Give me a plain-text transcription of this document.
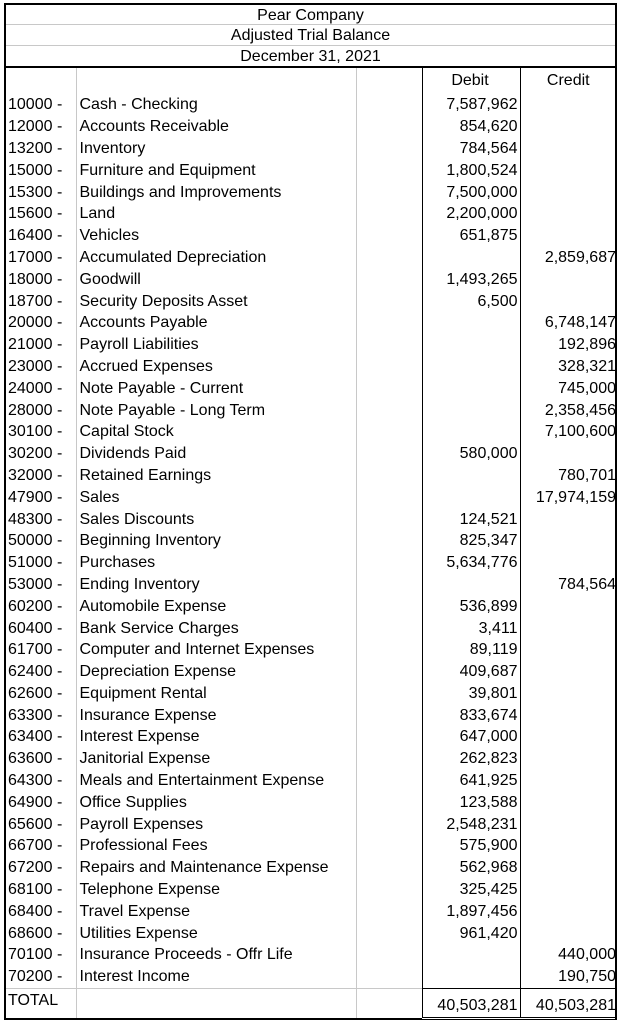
Pear Company
Adjusted Trial Balance
December 31, 2021
			Debit	Credit
10000 -	Cash - Checking		7,587,962	
12000 -	Accounts Receivable		854,620	
13200 -	Inventory		784,564	
15000 -	Furniture and Equipment		1,800,524	
15300 -	Buildings and Improvements		7,500,000	
15600 -	Land		2,200,000	
16400 -	Vehicles		651,875	
17000 -	Accumulated Depreciation			2,859,687
18000 -	Goodwill		1,493,265	
18700 -	Security Deposits Asset		6,500	
20000 -	Accounts Payable			6,748,147
21000 -	Payroll Liabilities			192,896
23000 -	Accrued Expenses			328,321
24000 -	Note Payable - Current			745,000
28000 -	Note Payable - Long Term			2,358,456
30100 -	Capital Stock			7,100,600
30200 -	Dividends Paid		580,000	
32000 -	Retained Earnings			780,701
47900 -	Sales			17,974,159
48300 -	Sales Discounts		124,521	
50000 -	Beginning Inventory		825,347	
51000 -	Purchases		5,634,776	
53000 -	Ending Inventory			784,564
60200 -	Automobile Expense		536,899	
60400 -	Bank Service Charges		3,411	
61700 -	Computer and Internet Expenses		89,119	
62400 -	Depreciation Expense		409,687	
62600 -	Equipment Rental		39,801	
63300 -	Insurance Expense		833,674	
63400 -	Interest Expense		647,000	
63600 -	Janitorial Expense		262,823	
64300 -	Meals and Entertainment Expense		641,925	
64900 -	Office Supplies		123,588	
65600 -	Payroll Expenses		2,548,231	
66700 -	Professional Fees		575,900	
67200 -	Repairs and Maintenance Expense		562,968	
68100 -	Telephone Expense		325,425	
68400 -	Travel Expense		1,897,456	
68600 -	Utilities Expense		961,420	
70100 -	Insurance Proceeds - Offr Life			440,000
70200 -	Interest Income			190,750
TOTAL			40,503,281	40,503,281
